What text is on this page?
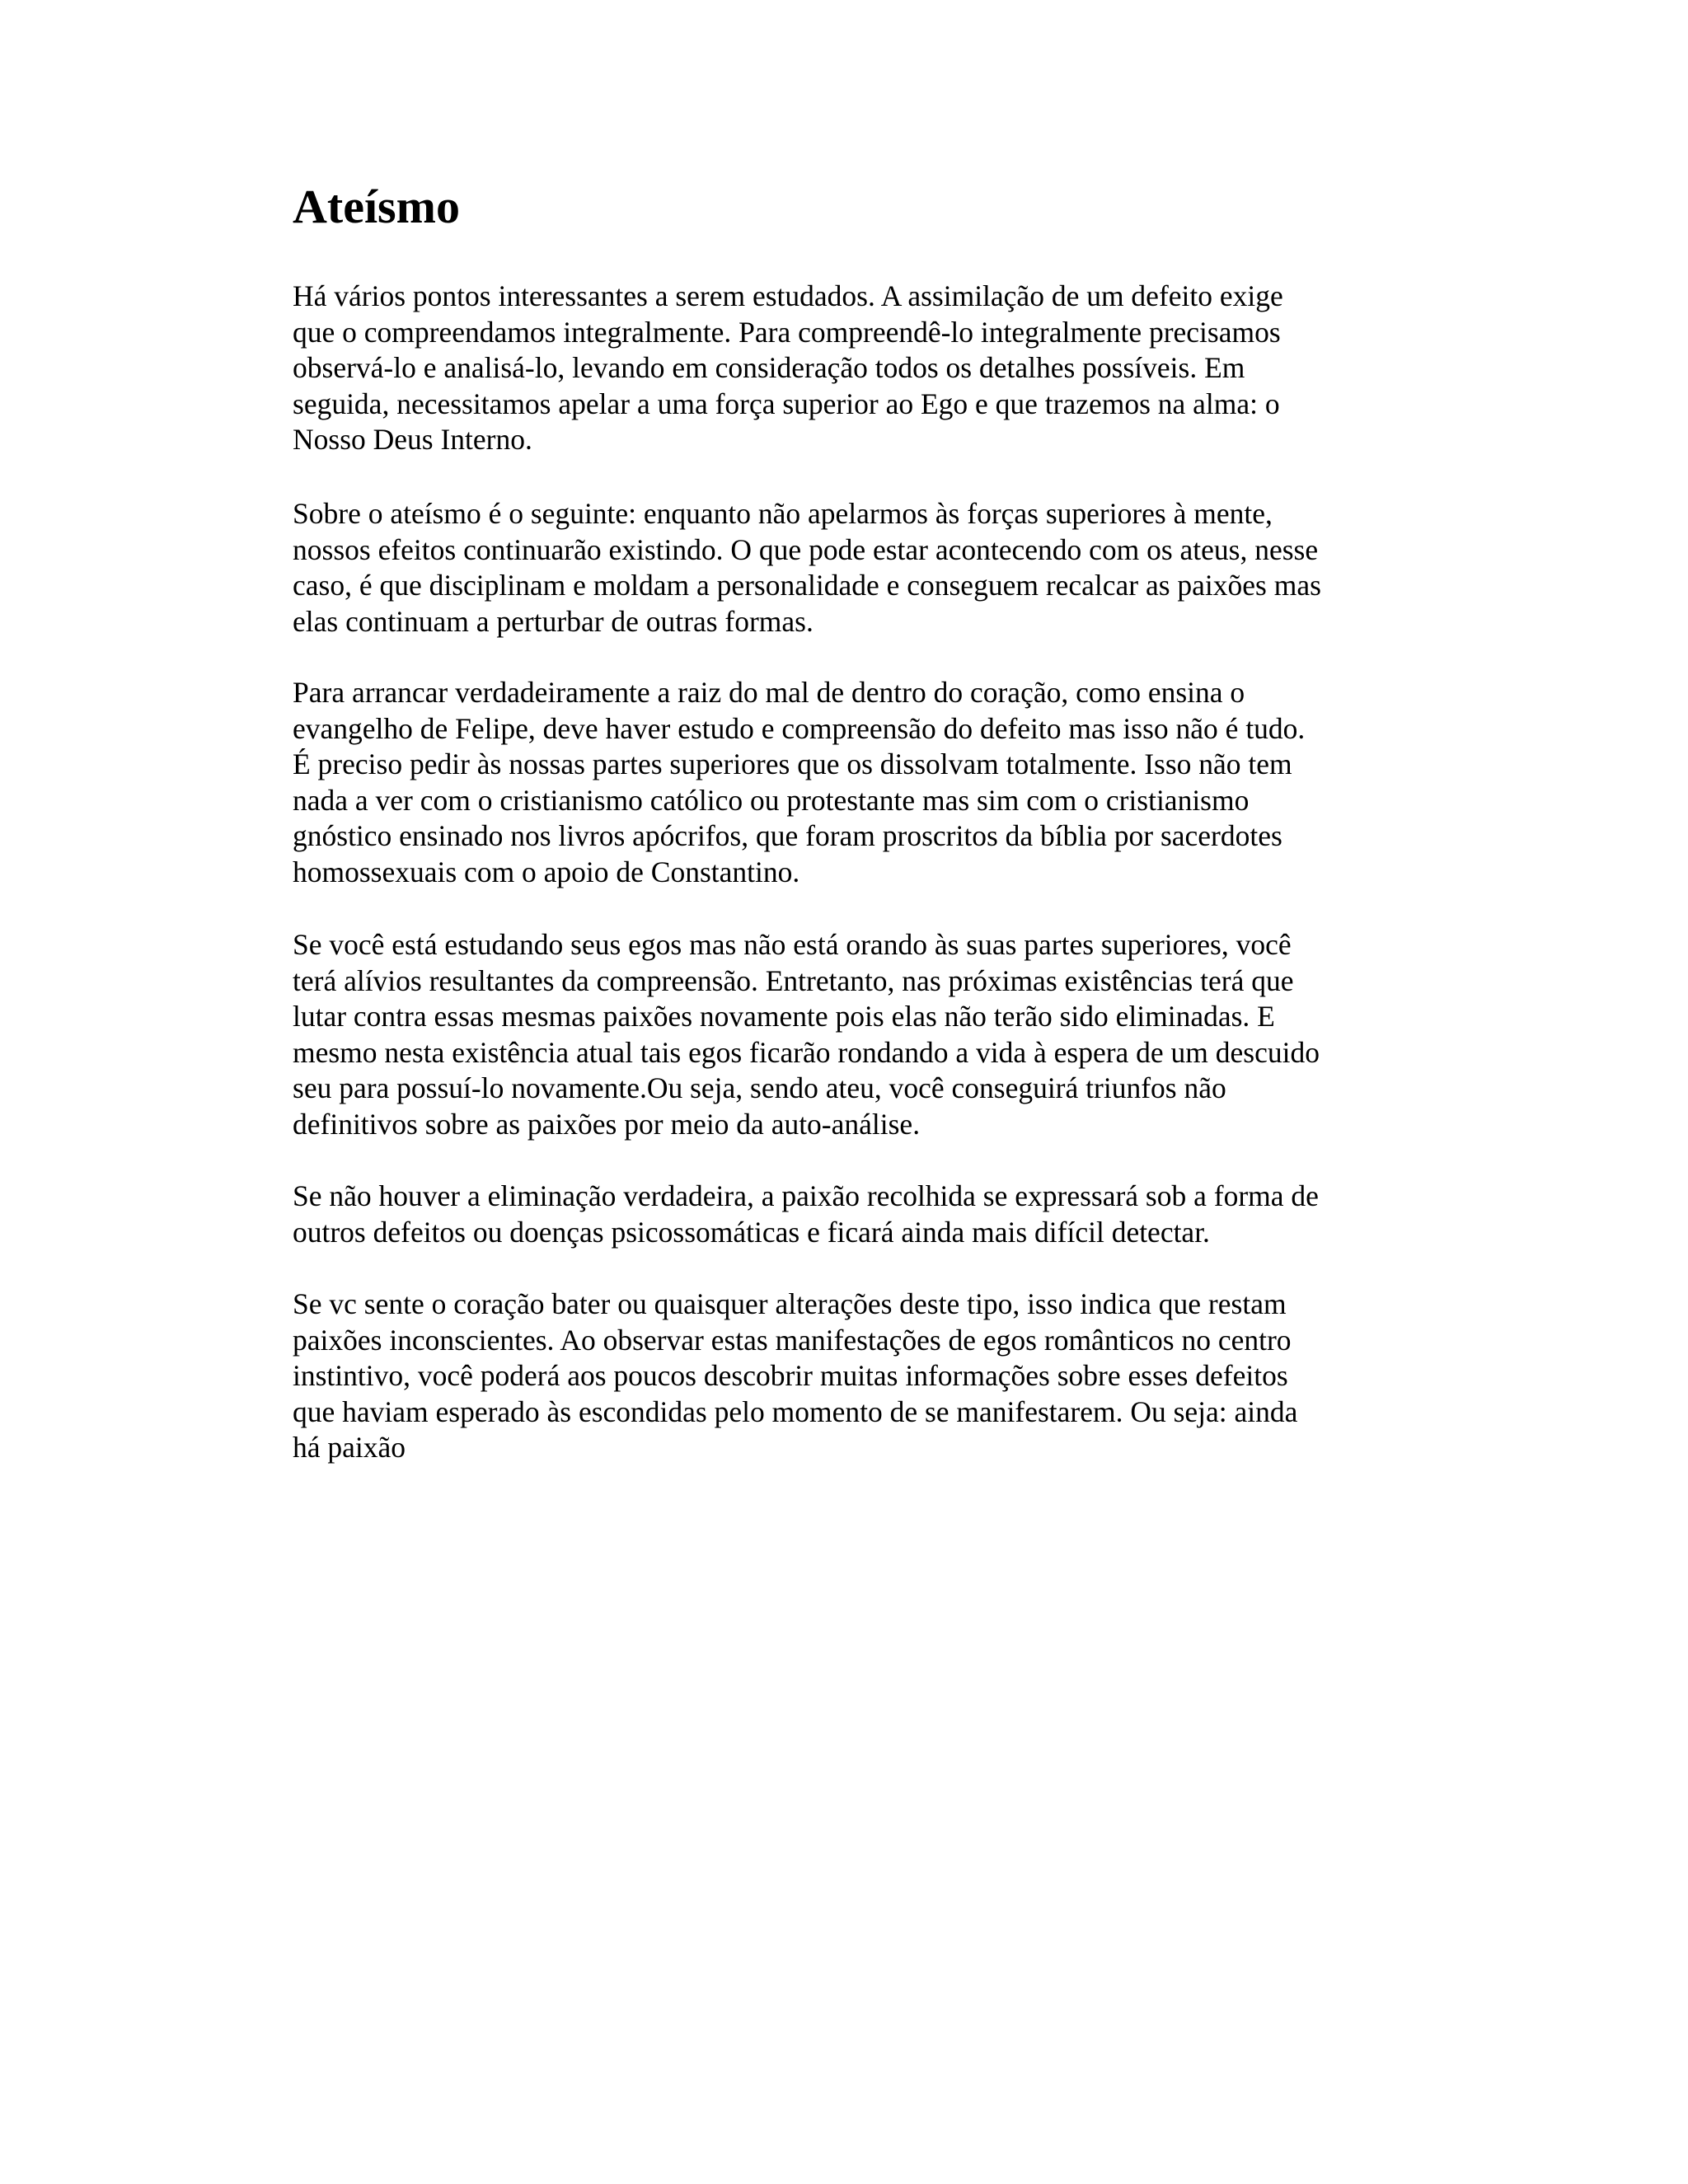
Ateísmo

Há vários pontos interessantes a serem estudados. A assimilação de um defeito exige
que o compreendamos integralmente. Para compreendê-lo integralmente precisamos
observá-lo e analisá-lo, levando em consideração todos os detalhes possíveis. Em
seguida, necessitamos apelar a uma força superior ao Ego e que trazemos na alma: o
Nosso Deus Interno.

Sobre o ateísmo é o seguinte: enquanto não apelarmos às forças superiores à mente,
nossos efeitos continuarão existindo. O que pode estar acontecendo com os ateus, nesse
caso, é que disciplinam e moldam a personalidade e conseguem recalcar as paixões mas
elas continuam a perturbar de outras formas.

Para arrancar verdadeiramente a raiz do mal de dentro do coração, como ensina o
evangelho de Felipe, deve haver estudo e compreensão do defeito mas isso não é tudo.
É preciso pedir às nossas partes superiores que os dissolvam totalmente. Isso não tem
nada a ver com o cristianismo católico ou protestante mas sim com o cristianismo
gnóstico ensinado nos livros apócrifos, que foram proscritos da bíblia por sacerdotes
homossexuais com o apoio de Constantino.

Se você está estudando seus egos mas não está orando às suas partes superiores, você
terá alívios resultantes da compreensão. Entretanto, nas próximas existências terá que
lutar contra essas mesmas paixões novamente pois elas não terão sido eliminadas. E
mesmo nesta existência atual tais egos ficarão rondando a vida à espera de um descuido
seu para possuí-lo novamente.Ou seja, sendo ateu, você conseguirá triunfos não
definitivos sobre as paixões por meio da auto-análise.

Se não houver a eliminação verdadeira, a paixão recolhida se expressará sob a forma de
outros defeitos ou doenças psicossomáticas e ficará ainda mais difícil detectar.

Se vc sente o coração bater ou quaisquer alterações deste tipo, isso indica que restam
paixões inconscientes. Ao observar estas manifestações de egos românticos no centro
instintivo, você poderá aos poucos descobrir muitas informações sobre esses defeitos
que haviam esperado às escondidas pelo momento de se manifestarem. Ou seja: ainda
há paixão
